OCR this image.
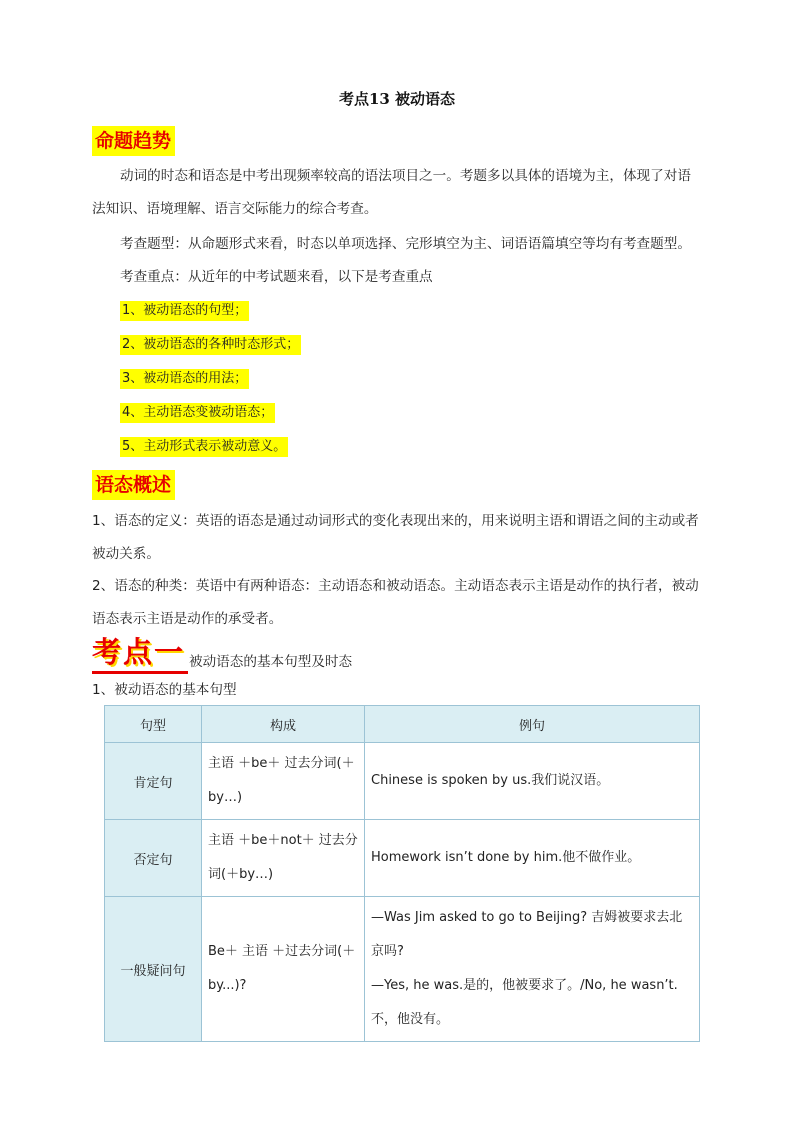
考点13 被动语态
命题趋势

动词的时态和语态是中考出现频率较高的语法项目之一。考题多以具体的语境为主，体现了对语法知识、语境理解、语言交际能力的综合考查。

考查题型：从命题形式来看，时态以单项选择、完形填空为主、词语语篇填空等均有考查题型。

考查重点：从近年的中考试题来看，以下是考查重点

1、被动语态的句型；
2、被动语态的各种时态形式；
3、被动语态的用法；
4、主动语态变被动语态；
5、主动形式表示被动意义。
语态概述

1、语态的定义：英语的语态是通过动词形式的变化表现出来的，用来说明主语和谓语之间的主动或者被动关系。

2、语态的种类：英语中有两种语态：主动语态和被动语态。主动语态表示主语是动作的执行者，被动语态表示主语是动作的承受者。

考点一 被动语态的基本句型及时态

1、被动语态的基本句型

句型	构成	例句
肯定句	主语 ＋be＋ 过去分词(＋by…)	Chinese is spoken by us.我们说汉语。

否定句	主语 ＋be＋not＋ 过去分词(＋by…)	Homework isn’t done by him.他不做作业。

一般疑问句	Be＋ 主语 ＋过去分词(＋by...)?	—Was Jim asked to go to Beijing? 吉姆被要求去北京吗?
—Yes, he was.是的，他被要求了。/No, he wasn’t. 不，他没有。
